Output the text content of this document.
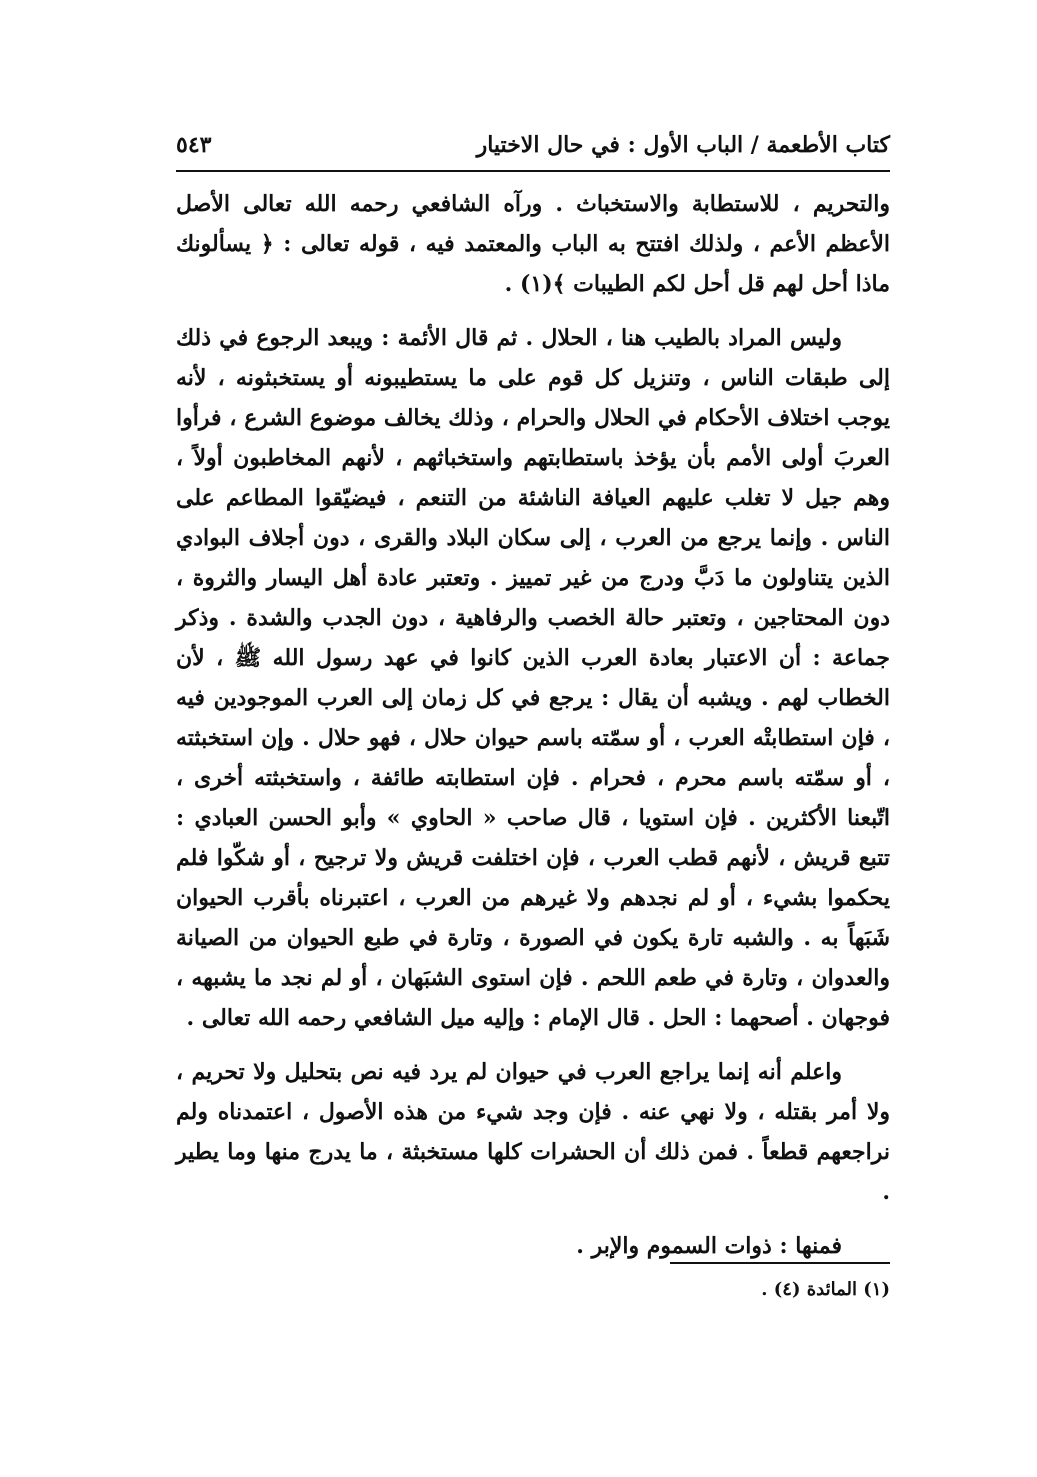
كتاب الأطعمة / الباب الأول : في حال الاختيار
٥٤٣

والتحريم ، للاستطابة والاستخباث . ورآه الشافعي رحمه الله تعالى الأصل الأعظم الأعم ، ولذلك افتتح به الباب والمعتمد فيه ، قوله تعالى : ﴿ يسألونك ماذا أحل لهم قل أحل لكم الطيبات ﴾(١) .

وليس المراد بالطيب هنا ، الحلال . ثم قال الأئمة : ويبعد الرجوع في ذلك إلى طبقات الناس ، وتنزيل كل قوم على ما يستطيبونه أو يستخبثونه ، لأنه يوجب اختلاف الأحكام في الحلال والحرام ، وذلك يخالف موضوع الشرع ، فرأوا العربَ أولى الأمم بأن يؤخذ باستطابتهم واستخباثهم ، لأنهم المخاطبون أولاً ، وهم جيل لا تغلب عليهم العيافة الناشئة من التنعم ، فيضيّقوا المطاعم على الناس . وإنما يرجع من العرب ، إلى سكان البلاد والقرى ، دون أجلاف البوادي الذين يتناولون ما دَبَّ ودرج من غير تمييز . وتعتبر عادة أهل اليسار والثروة ، دون المحتاجين ، وتعتبر حالة الخصب والرفاهية ، دون الجدب والشدة . وذكر جماعة : أن الاعتبار بعادة العرب الذين كانوا في عهد رسول الله ﷺ ، لأن الخطاب لهم . ويشبه أن يقال : يرجع في كل زمان إلى العرب الموجودين فيه ، فإن استطابتْه العرب ، أو سمّته باسم حيوان حلال ، فهو حلال . وإن استخبثته ، أو سمّته باسم محرم ، فحرام . فإن استطابته طائفة ، واستخبثته أخرى ، اتّبعنا الأكثرين . فإن استويا ، قال صاحب « الحاوي » وأبو الحسن العبادي : تتبع قريش ، لأنهم قطب العرب ، فإن اختلفت قريش ولا ترجيح ، أو شكّوا فلم يحكموا بشيء ، أو لم نجدهم ولا غيرهم من العرب ، اعتبرناه بأقرب الحيوان شَبَهاً به . والشبه تارة يكون في الصورة ، وتارة في طبع الحيوان من الصيانة والعدوان ، وتارة في طعم اللحم . فإن استوى الشبَهان ، أو لم نجد ما يشبهه ، فوجهان . أصحهما : الحل . قال الإمام : وإليه ميل الشافعي رحمه الله تعالى .

واعلم أنه إنما يراجع العرب في حيوان لم يرد فيه نص بتحليل ولا تحريم ، ولا أمر بقتله ، ولا نهي عنه . فإن وجد شيء من هذه الأصول ، اعتمدناه ولم نراجعهم قطعاً . فمن ذلك أن الحشرات كلها مستخبثة ، ما يدرج منها وما يطير .

فمنها : ذوات السموم والإبر .

(١) المائدة (٤) .
